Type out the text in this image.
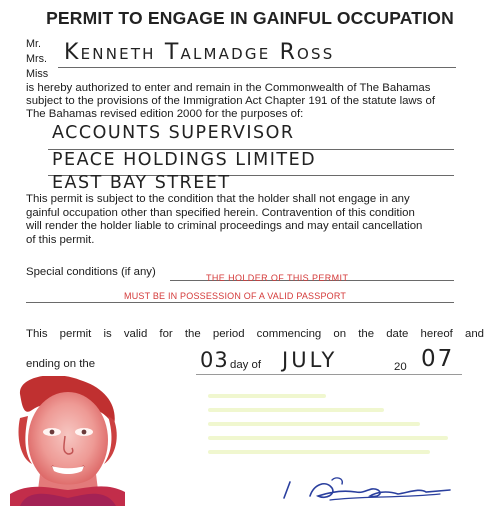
PERMIT TO ENGAGE IN GAINFUL OCCUPATION
Mr.
Mrs.
Miss
Kenneth Talmadge Ross
is hereby authorized to enter and remain in the Commonwealth of The Bahamas
subject to the provisions of the Immigration Act Chapter 191 of the statute laws of
The Bahamas revised edition 2000 for the purposes of:
ACCOUNTS SUPERVISOR
PEACE HOLDINGS LIMITED
EAST BAY STREET
This permit is subject to the condition that the holder shall not engage in any
gainful occupation other than specified herein. Contravention of this condition
will render the holder liable to criminal proceedings and may entail cancellation
of this permit.
Special conditions (if any)	THE HOLDER OF THIS PERMIT
MUST BE IN POSSESSION OF A VALID PASSPORT
This permit is valid for the period commencing on the date hereof and
ending on the	03 day of JULY	20 07
